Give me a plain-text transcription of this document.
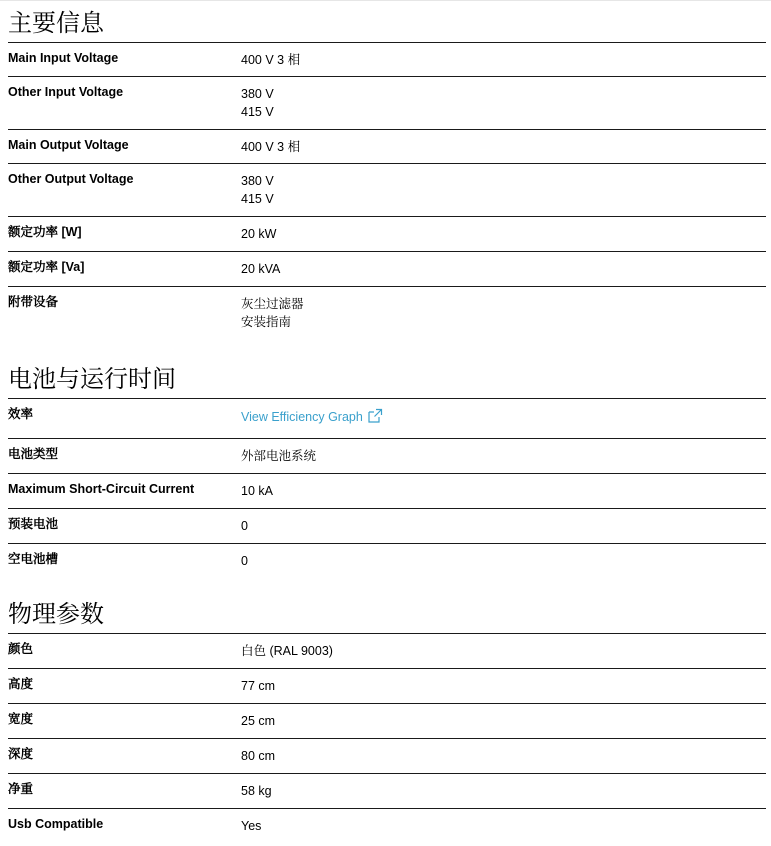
主要信息
Main Input Voltage	400 V 3 相
Other Input Voltage	380 V
415 V
Main Output Voltage	400 V 3 相
Other Output Voltage	380 V
415 V
额定功率 [W]	20 kW
额定功率 [Va]	20 kVA
附带设备	灰尘过滤器
安装指南
电池与运行时间
效率	View Efficiency Graph
电池类型	外部电池系统
Maximum Short-Circuit Current	10 kA
预装电池	0
空电池槽	0
物理参数
颜色	白色 (RAL 9003)
高度	77 cm
宽度	25 cm
深度	80 cm
净重	58 kg
Usb Compatible	Yes
